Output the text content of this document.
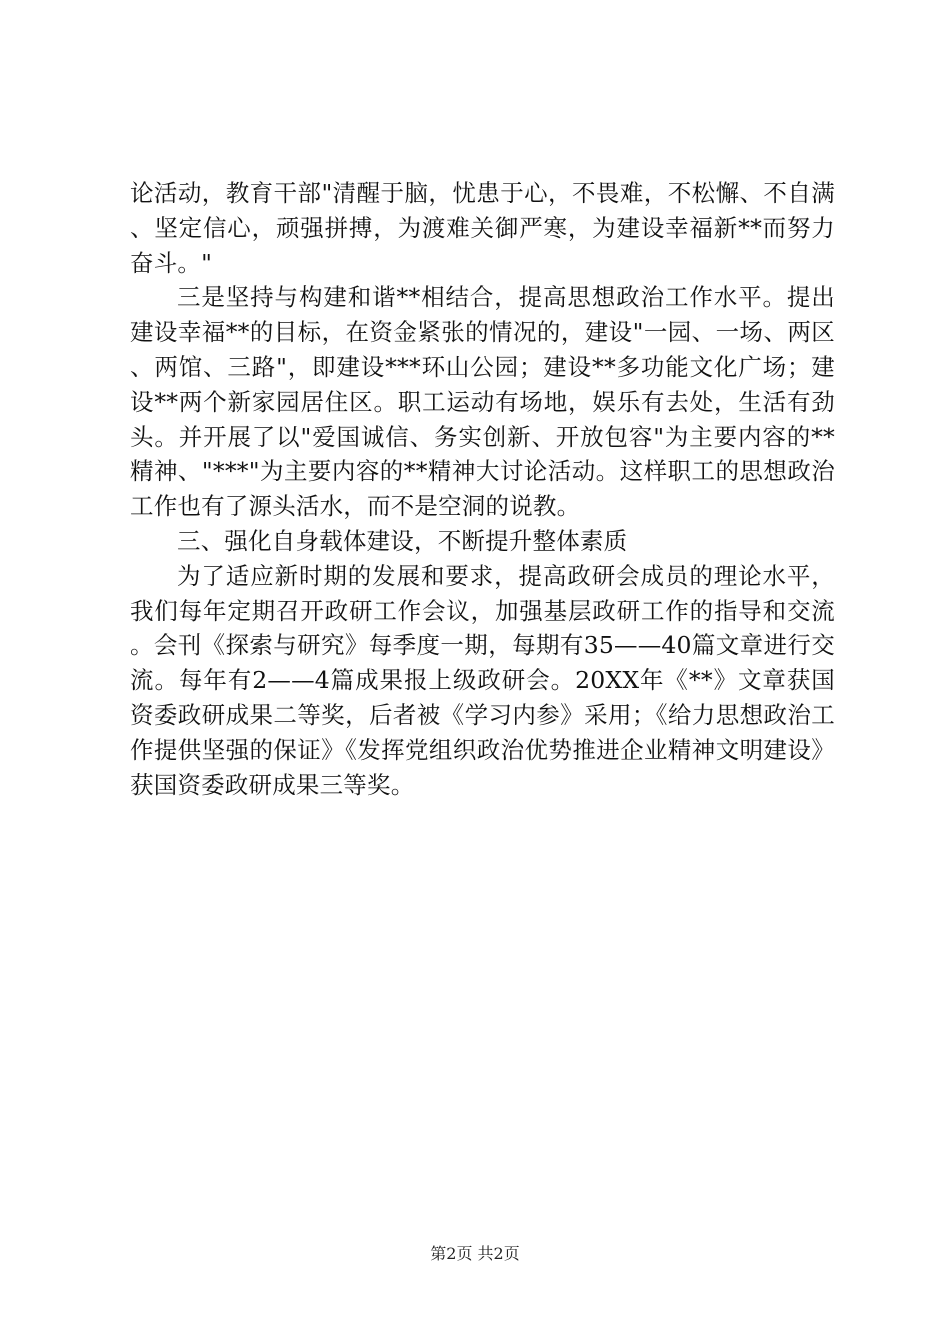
论活动，教育干部"清醒于脑，忧患于心，不畏难，不松懈、不自满、坚定信心，顽强拼搏，为渡难关御严寒，为建设幸福新**而努力奋斗。"

三是坚持与构建和谐**相结合，提高思想政治工作水平。提出建设幸福**的目标，在资金紧张的情况的，建设"一园、一场、两区、两馆、三路"，即建设***环山公园；建设**多功能文化广场；建设**两个新家园居住区。职工运动有场地，娱乐有去处，生活有劲头。并开展了以"爱国诚信、务实创新、开放包容"为主要内容的**精神、"***"为主要内容的**精神大讨论活动。这样职工的思想政治工作也有了源头活水，而不是空洞的说教。

三、强化自身载体建设，不断提升整体素质

为了适应新时期的发展和要求，提高政研会成员的理论水平，我们每年定期召开政研工作会议，加强基层政研工作的指导和交流。会刊《探索与研究》每季度一期，每期有35——40篇文章进行交流。每年有2——4篇成果报上级政研会。20XX年《**》文章获国资委政研成果二等奖，后者被《学习内参》采用；《给力思想政治工作提供坚强的保证》《发挥党组织政治优势推进企业精神文明建设》获国资委政研成果三等奖。

第2页 共2页
